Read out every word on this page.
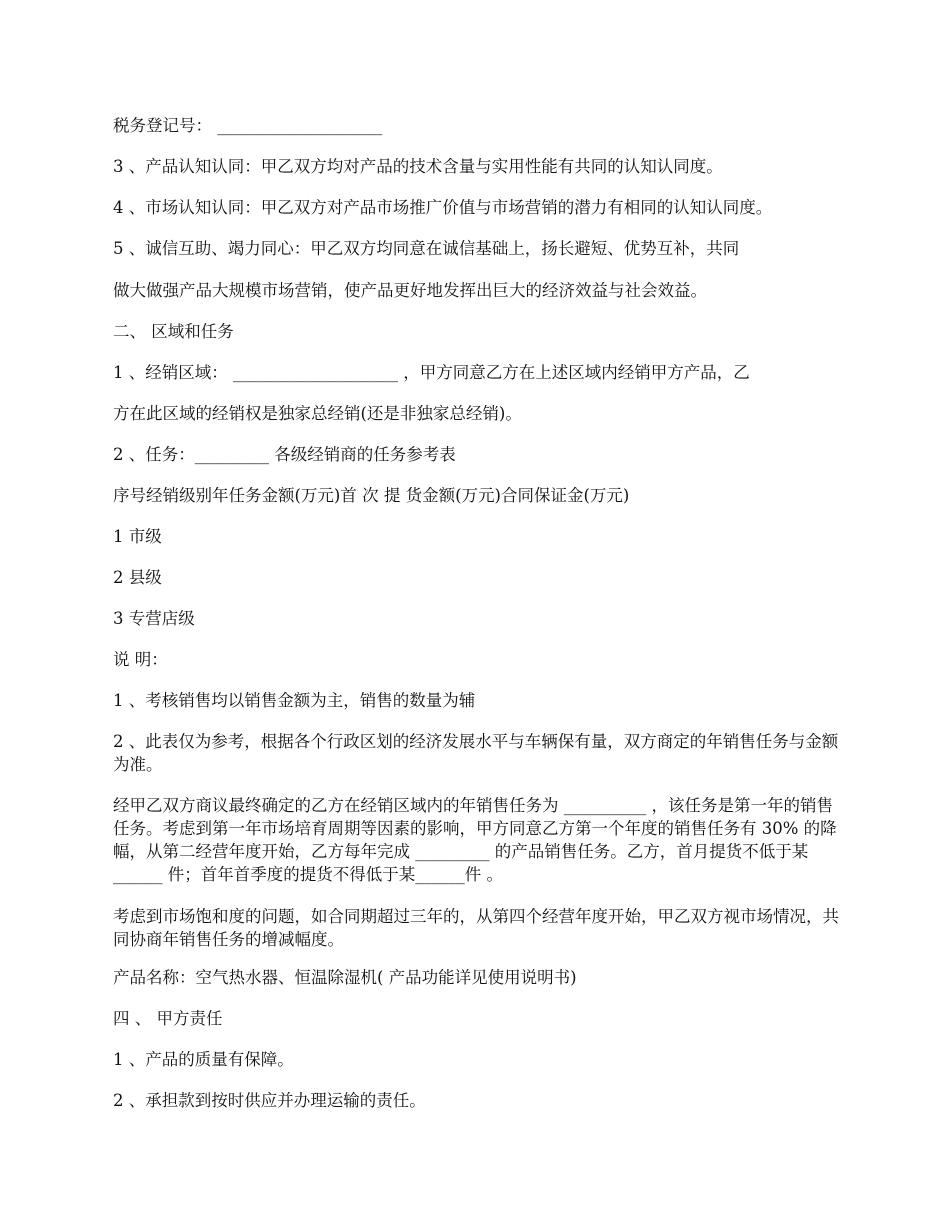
税务登记号： ____________________
3 、产品认知认同：甲乙双方均对产品的技术含量与实用性能有共同的认知认同度。
4 、市场认知认同：甲乙双方对产品市场推广价值与市场营销的潜力有相同的认知认同度。
5 、诚信互助、竭力同心：甲乙双方均同意在诚信基础上，扬长避短、优势互补，共同
做大做强产品大规模市场营销，使产品更好地发挥出巨大的经济效益与社会效益。
二、 区域和任务
1 、经销区域： ____________________ ，甲方同意乙方在上述区域内经销甲方产品，乙
方在此区域的经销权是独家总经销(还是非独家总经销)。
2 、任务：_________ 各级经销商的任务参考表
序号经销级别年任务金额(万元)首 次 提 货金额(万元)合同保证金(万元)
1 市级
2 县级
3 专营店级
说 明：
1 、考核销售均以销售金额为主，销售的数量为辅
2 、此表仅为参考，根据各个行政区划的经济发展水平与车辆保有量，双方商定的年销售任务与金额为准。
经甲乙双方商议最终确定的乙方在经销区域内的年销售任务为 __________ ，该任务是第一年的销售任务。考虑到第一年市场培育周期等因素的影响，甲方同意乙方第一个年度的销售任务有 30% 的降幅，从第二经营年度开始，乙方每年完成 _________ 的产品销售任务。乙方，首月提货不低于某______ 件；首年首季度的提货不得低于某______件 。
考虑到市场饱和度的问题，如合同期超过三年的，从第四个经营年度开始，甲乙双方视市场情况，共同协商年销售任务的增减幅度。
产品名称：空气热水器、恒温除湿机( 产品功能详见使用说明书)
四 、 甲方责任
1 、产品的质量有保障。
2 、承担款到按时供应并办理运输的责任。
